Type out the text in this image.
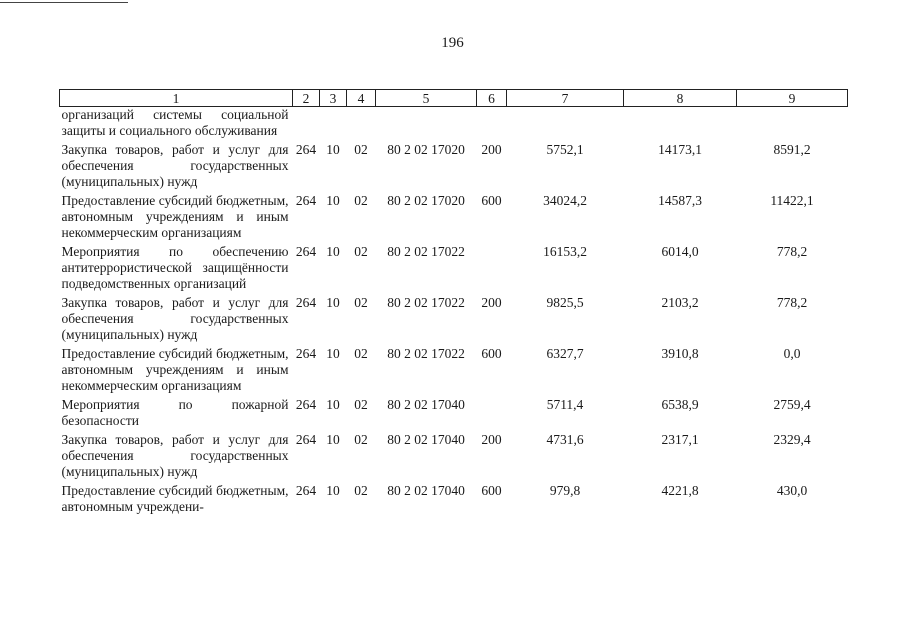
196
1	2	3	4	5	6	7	8	9
организаций системы социальной защиты и социального обслуживания								
Закупка товаров, работ и услуг для обеспечения государственных (муниципальных) нужд	264	10	02	80 2 02 17020	200	5752,1	14173,1	8591,2
Предоставление субсидий бюджетным, автономным учреждениям и иным некоммерческим организациям	264	10	02	80 2 02 17020	600	34024,2	14587,3	11422,1
Мероприятия по обеспечению антитеррористической защищённости подведомственных организаций	264	10	02	80 2 02 17022		16153,2	6014,0	778,2
Закупка товаров, работ и услуг для обеспечения государственных (муниципальных) нужд	264	10	02	80 2 02 17022	200	9825,5	2103,2	778,2
Предоставление субсидий бюджетным, автономным учреждениям и иным некоммерческим организациям	264	10	02	80 2 02 17022	600	6327,7	3910,8	0,0
Мероприятия по пожарной безопасности	264	10	02	80 2 02 17040		5711,4	6538,9	2759,4
Закупка товаров, работ и услуг для обеспечения государственных (муниципальных) нужд	264	10	02	80 2 02 17040	200	4731,6	2317,1	2329,4
Предоставление субсидий бюджетным, автономным учреждени-	264	10	02	80 2 02 17040	600	979,8	4221,8	430,0
